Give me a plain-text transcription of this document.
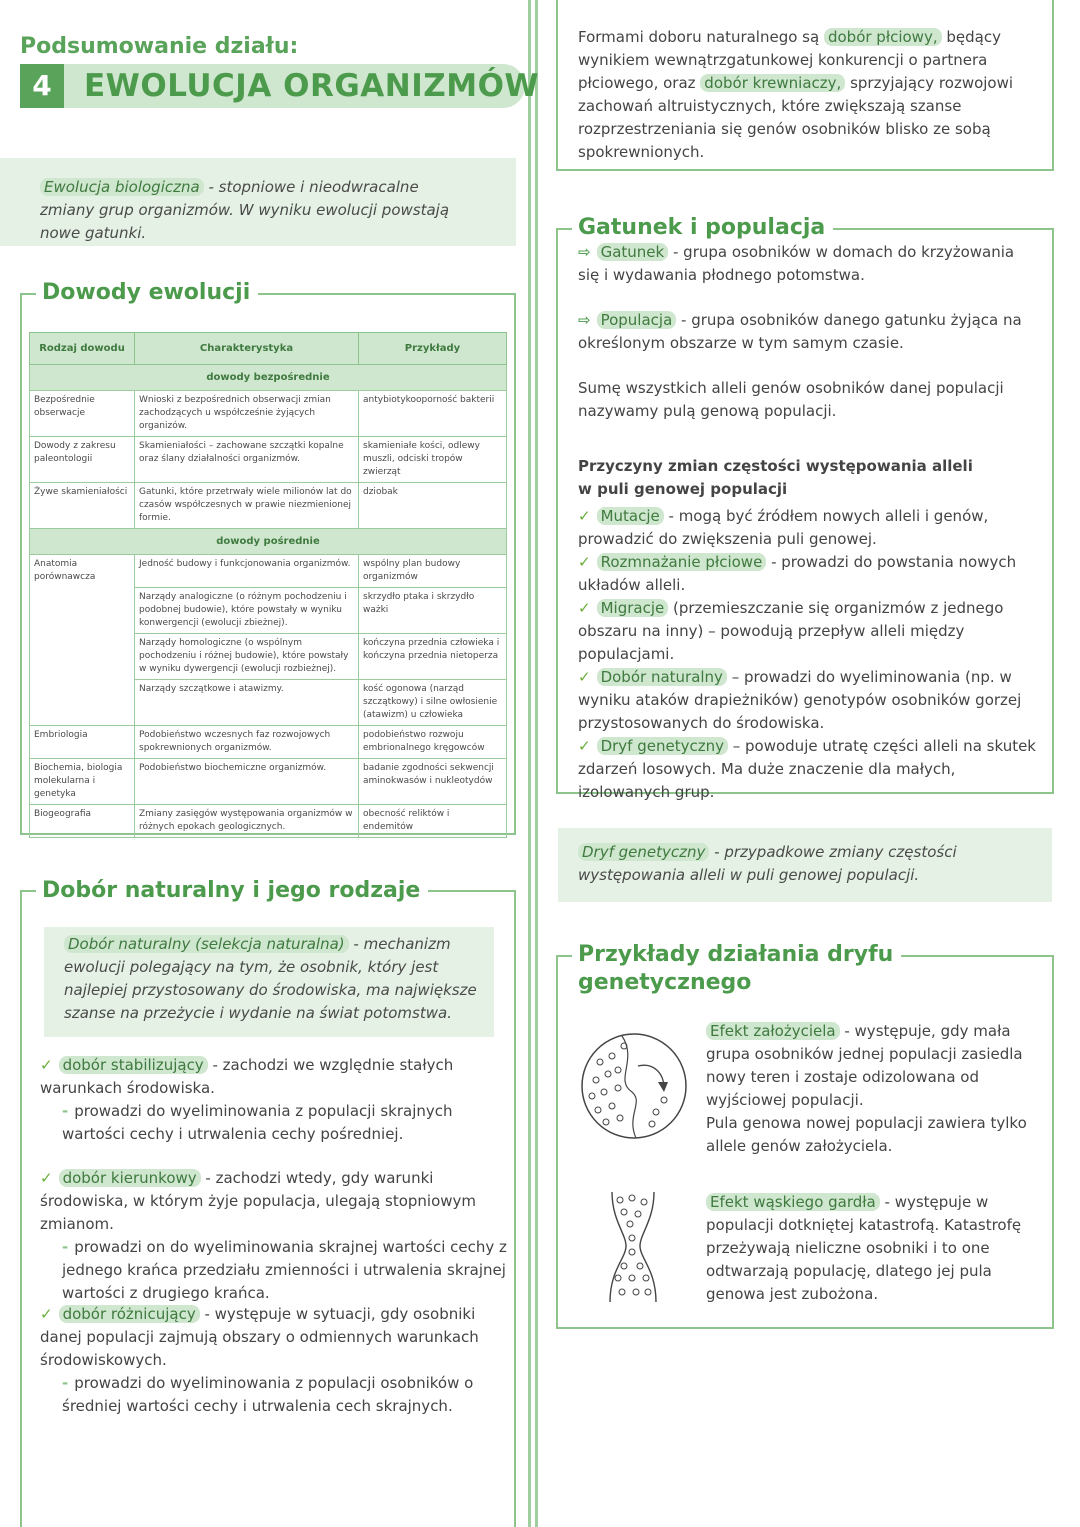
Podsumowanie działu:
4	EWOLUCJA ORGANIZMÓW
Ewolucja biologiczna - stopniowe i nieodwracalne zmiany grup organizmów. W wyniku ewolucji powstają nowe gatunki.
Dowody ewolucji
Rodzaj dowodu	Charakterystyka	Przykłady
dowody bezpośrednie		
Bezpośrednie obserwacje	Wnioski z bezpośrednich obserwacji zmian zachodzących u współcześnie żyjących organizów.	antybiotykooporność bakterii
Dowody z zakresu paleontologii	Skamieniałości – zachowane szczątki kopalne oraz ślany działalności organizmów.	skamieniałe kości, odlewy muszli, odciski tropów zwierząt
Żywe skamieniałości	Gatunki, które przetrwały wiele milionów lat do czasów współczesnych w prawie niezmienionej formie.	dziobak
dowody pośrednie		
Anatomia porównawcza	Jedność budowy i funkcjonowania organizmów.	wspólny plan budowy organizmów
	Narządy analogiczne (o różnym pochodzeniu i podobnej budowie), które powstały w wyniku konwergencji (ewolucji zbieżnej).	skrzydło ptaka i skrzydło ważki
	Narządy homologiczne (o wspólnym pochodzeniu i różnej budowie), które powstały w wyniku dywergencji (ewolucji rozbieżnej).	kończyna przednia człowieka i kończyna przednia nietoperza
	Narządy szczątkowe i atawizmy.	kość ogonowa (narząd szczątkowy) i silne owłosienie (atawizm) u człowieka
Embriologia	Podobieństwo wczesnych faz rozwojowych spokrewnionych organizmów.	podobieństwo rozwoju embrionalnego kręgowców
Biochemia, biologia molekularna i genetyka	Podobieństwo biochemiczne organizmów.	badanie zgodności sekwencji aminokwasów i nukleotydów
Biogeografia	Zmiany zasięgów występowania organizmów w różnych epokach geologicznych.	obecność reliktów i endemitów
Dobór naturalny i jego rodzaje
Dobór naturalny (selekcja naturalna) - mechanizm ewolucji polegający na tym, że osobnik, który jest najlepiej przystosowany do środowiska, ma największe szanse na przeżycie i wydanie na świat potomstwa.
✓ dobór stabilizujący - zachodzi we względnie stałych warunkach środowiska.
- prowadzi do wyeliminowania z populacji skrajnych wartości cechy i utrwalenia cechy pośredniej.
✓ dobór kierunkowy - zachodzi wtedy, gdy warunki środowiska, w którym żyje populacja, ulegają stopniowym zmianom.
- prowadzi on do wyeliminowania skrajnej wartości cechy z jednego krańca przedziału zmienności i utrwalenia skrajnej wartości z drugiego krańca.
✓ dobór różnicujący - występuje w sytuacji, gdy osobniki danej populacji zajmują obszary o odmiennych warunkach środowiskowych.
- prowadzi do wyeliminowania z populacji osobników o średniej wartości cechy i utrwalenia cech skrajnych.
Formami doboru naturalnego są dobór płciowy, będący wynikiem wewnątrzgatunkowej konkurencji o partnera płciowego, oraz dobór krewniaczy, sprzyjający rozwojowi zachowań altruistycznych, które zwiększają szanse rozprzestrzeniania się genów osobników blisko ze sobą spokrewnionych.
Gatunek i populacja
⇨ Gatunek - grupa osobników w domach do krzyżowania się i wydawania płodnego potomstwa.
⇨ Populacja - grupa osobników danego gatunku żyjąca na określonym obszarze w tym samym czasie.
Sumę wszystkich alleli genów osobników danej populacji nazywamy pulą genową populacji.
Przyczyny zmian częstości występowania alleli w puli genowej populacji
✓ Mutacje - mogą być źródłem nowych alleli i genów, prowadzić do zwiększenia puli genowej.
✓ Rozmnażanie płciowe - prowadzi do powstania nowych układów alleli.
✓ Migracje (przemieszczanie się organizmów z jednego obszaru na inny) – powodują przepływ alleli między populacjami.
✓ Dobór naturalny – prowadzi do wyeliminowania (np. w wyniku ataków drapieżników) genotypów osobników gorzej przystosowanych do środowiska.
✓ Dryf genetyczny – powoduje utratę części alleli na skutek zdarzeń losowych. Ma duże znaczenie dla małych, izolowanych grup.
Dryf genetyczny - przypadkowe zmiany częstości występowania alleli w puli genowej populacji.
Przykłady działania dryfu
genetycznego
Efekt założyciela - występuje, gdy mała grupa osobników jednej populacji zasiedla nowy teren i zostaje odizolowana od wyjściowej populacji.
Pula genowa nowej populacji zawiera tylko allele genów założyciela.
Efekt wąskiego gardła - występuje w populacji dotkniętej katastrofą. Katastrofę przeżywają nieliczne osobniki i to one odtwarzają populację, dlatego jej pula genowa jest zubożona.
